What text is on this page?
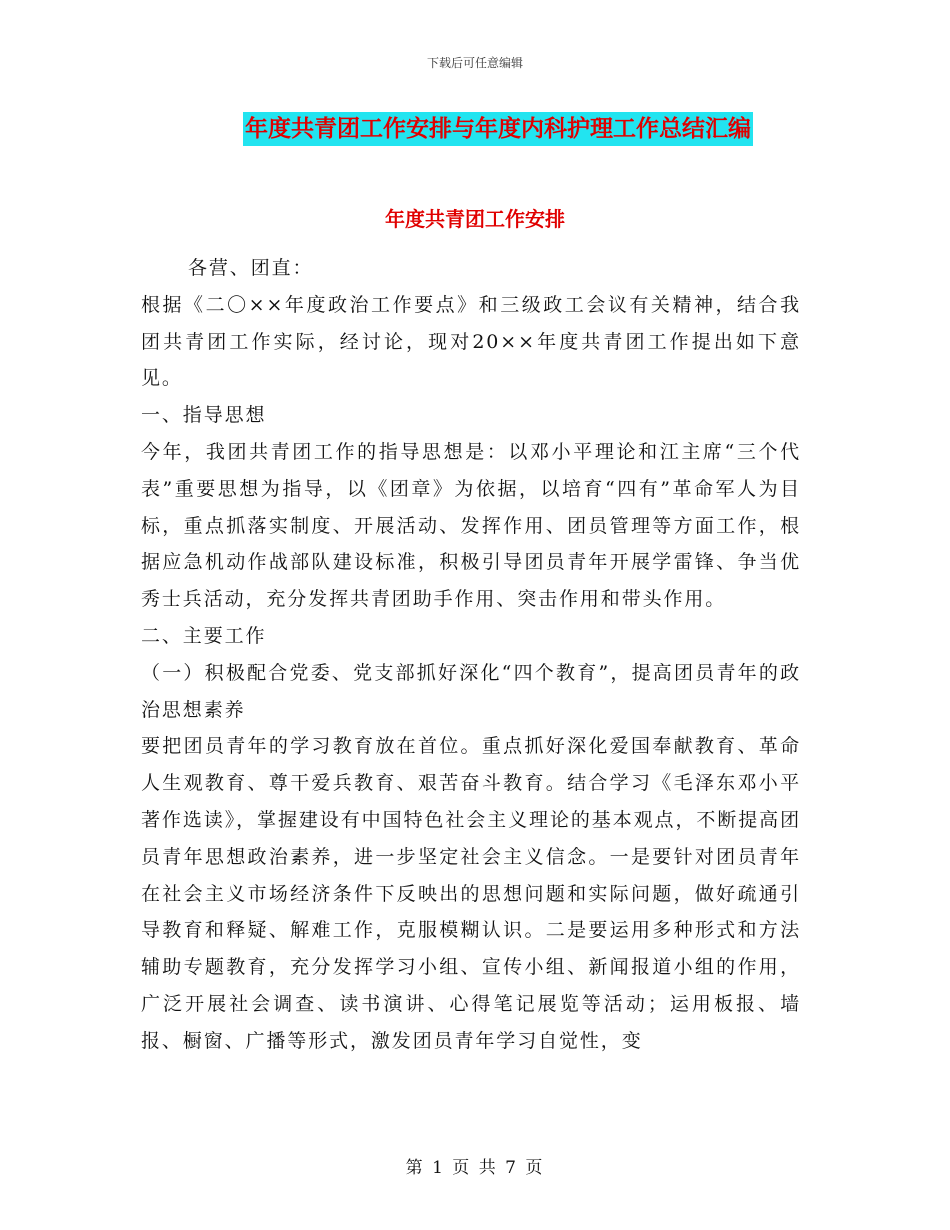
下载后可任意编辑
年度共青团工作安排与年度内科护理工作总结汇编
年度共青团工作安排

各营、团直：

根据《二〇××年度政治工作要点》和三级政工会议有关精神，结合我团共青团工作实际，经讨论，现对20××年度共青团工作提出如下意见。

一、指导思想

今年，我团共青团工作的指导思想是：以邓小平理论和江主席“三个代表”重要思想为指导，以《团章》为依据，以培育“四有”革命军人为目标，重点抓落实制度、开展活动、发挥作用、团员管理等方面工作，根据应急机动作战部队建设标准，积极引导团员青年开展学雷锋、争当优秀士兵活动，充分发挥共青团助手作用、突击作用和带头作用。

二、主要工作

（一）积极配合党委、党支部抓好深化“四个教育”，提高团员青年的政治思想素养

要把团员青年的学习教育放在首位。重点抓好深化爱国奉献教育、革命人生观教育、尊干爱兵教育、艰苦奋斗教育。结合学习《毛泽东邓小平著作选读》，掌握建设有中国特色社会主义理论的基本观点，不断提高团员青年思想政治素养，进一步坚定社会主义信念。一是要针对团员青年在社会主义市场经济条件下反映出的思想问题和实际问题，做好疏通引导教育和释疑、解难工作，克服模糊认识。二是要运用多种形式和方法辅助专题教育，充分发挥学习小组、宣传小组、新闻报道小组的作用，广泛开展社会调查、读书演讲、心得笔记展览等活动；运用板报、墙报、橱窗、广播等形式，激发团员青年学习自觉性，变

第 1 页 共 7 页
